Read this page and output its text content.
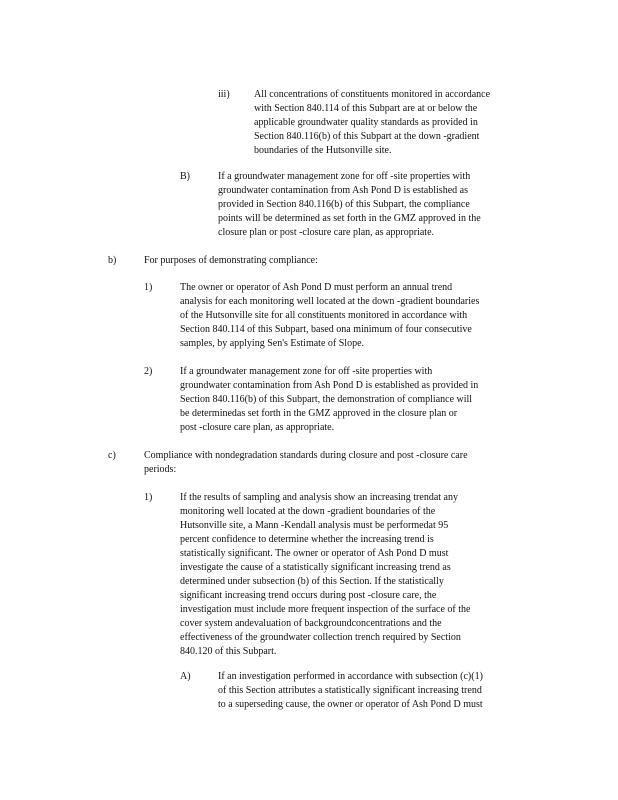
iii) All concentrations of constituents monitored in accordance
with Section 840.114 of this Subpart are at or below the
applicable groundwater quality standards as provided in
Section 840.116(b) of this Subpart at the down -gradient
boundaries of the Hutsonville site.
B)	If a groundwater management zone for off -site properties with
groundwater contamination from Ash Pond D is established as
provided in Section 840.116(b) of this Subpart, the compliance
points will be determined as set forth in the GMZ approved in the
closure plan or post -closure care plan, as appropriate.
b)	For purposes of demonstrating compliance:
1)	The owner or operator of Ash Pond D must perform an annual trend
analysis for each monitoring well located at the down -gradient boundaries
of the Hutsonville site for all constituents monitored in accordance with
Section 840.114 of this Subpart, based ona minimum of four consecutive
samples, by applying Sen's Estimate of Slope.
2)	If a groundwater management zone for off -site properties with
groundwater contamination from Ash Pond D is established as provided in
Section 840.116(b) of this Subpart, the demonstration of compliance will
be determinedas set forth in the GMZ approved in the closure plan or
post -closure care plan, as appropriate.
c)	Compliance with nondegradation standards during closure and post -closure care
periods:
1)	If the results of sampling and analysis show an increasing trendat any
monitoring well located at the down -gradient boundaries of the
Hutsonville site, a Mann -Kendall analysis must be performedat 95
percent confidence to determine whether the increasing trend is
statistically significant. The owner or operator of Ash Pond D must
investigate the cause of a statistically significant increasing trend as
determined under subsection (b) of this Section. If the statistically
significant increasing trend occurs during post -closure care, the
investigation must include more frequent inspection of the surface of the
cover system andevaluation of backgroundconcentrations and the
effectiveness of the groundwater collection trench required by Section
840.120 of this Subpart.
A)	If an investigation performed in accordance with subsection (c)(1)
of this Section attributes a statistically significant increasing trend
to a superseding cause, the owner or operator of Ash Pond D must
